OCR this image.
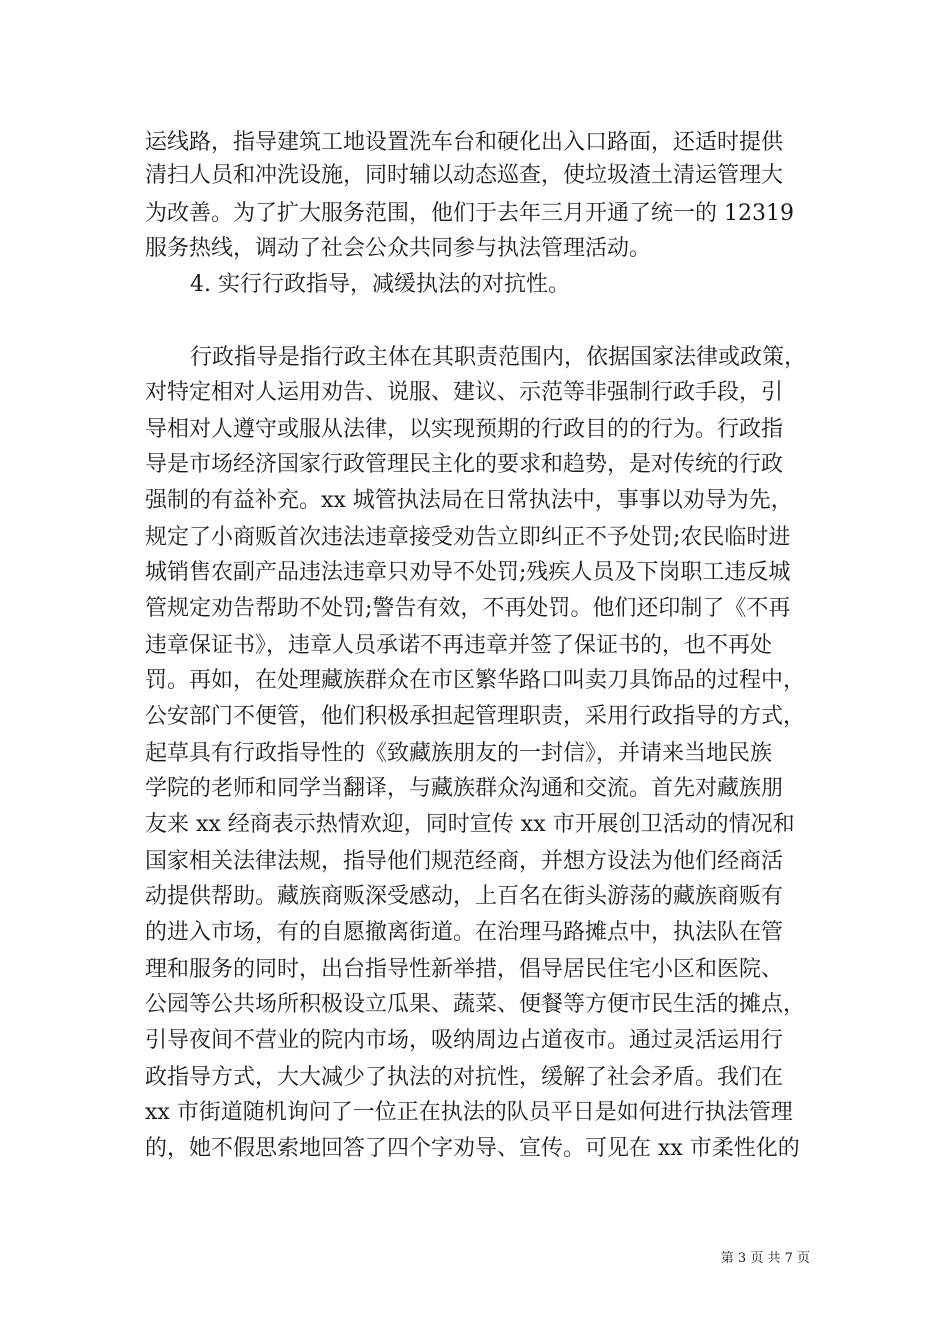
运线路，指导建筑工地设置洗车台和硬化出入口路面，还适时提供
清扫人员和冲洗设施，同时辅以动态巡查，使垃圾渣土清运管理大
为改善。为了扩大服务范围，他们于去年三月开通了统一的 12319
服务热线，调动了社会公众共同参与执法管理活动。
4. 实行行政指导，减缓执法的对抗性。
行政指导是指行政主体在其职责范围内，依据国家法律或政策，
对特定相对人运用劝告、说服、建议、示范等非强制行政手段，引
导相对人遵守或服从法律，以实现预期的行政目的的行为。行政指
导是市场经济国家行政管理民主化的要求和趋势，是对传统的行政
强制的有益补充。xx 城管执法局在日常执法中，事事以劝导为先，
规定了小商贩首次违法违章接受劝告立即纠正不予处罚;农民临时进
城销售农副产品违法违章只劝导不处罚;残疾人员及下岗职工违反城
管规定劝告帮助不处罚;警告有效，不再处罚。他们还印制了《不再
违章保证书》，违章人员承诺不再违章并签了保证书的，也不再处
罚。再如，在处理藏族群众在市区繁华路口叫卖刀具饰品的过程中，
公安部门不便管，他们积极承担起管理职责，采用行政指导的方式，
起草具有行政指导性的《致藏族朋友的一封信》，并请来当地民族
学院的老师和同学当翻译，与藏族群众沟通和交流。首先对藏族朋
友来 xx 经商表示热情欢迎，同时宣传 xx 市开展创卫活动的情况和
国家相关法律法规，指导他们规范经商，并想方设法为他们经商活
动提供帮助。藏族商贩深受感动，上百名在街头游荡的藏族商贩有
的进入市场，有的自愿撤离街道。在治理马路摊点中，执法队在管
理和服务的同时，出台指导性新举措，倡导居民住宅小区和医院、
公园等公共场所积极设立瓜果、蔬菜、便餐等方便市民生活的摊点，
引导夜间不营业的院内市场，吸纳周边占道夜市。通过灵活运用行
政指导方式，大大减少了执法的对抗性，缓解了社会矛盾。我们在
xx 市街道随机询问了一位正在执法的队员平日是如何进行执法管理
的，她不假思索地回答了四个字劝导、宣传。可见在 xx 市柔性化的
第 3 页 共 7 页
